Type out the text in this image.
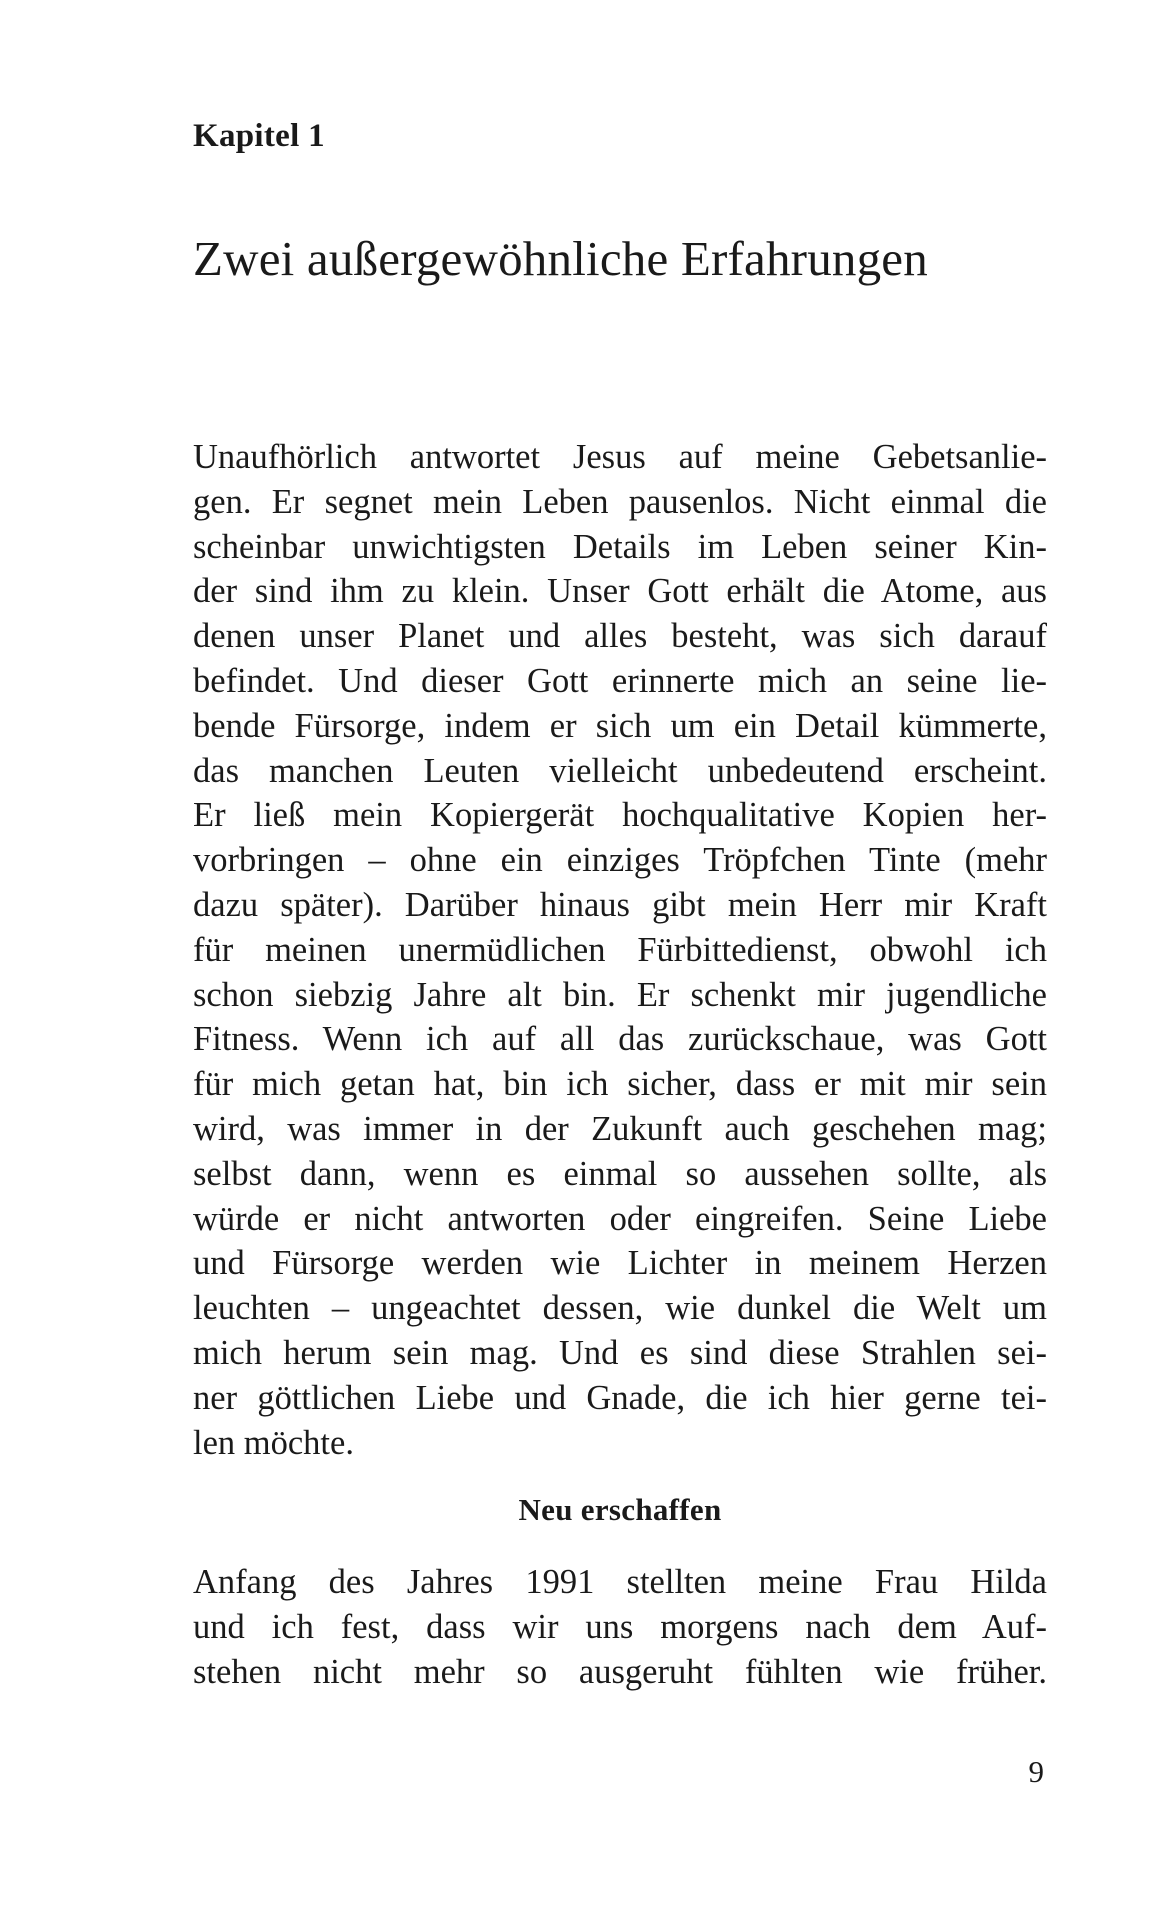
Kapitel 1
Zwei außergewöhnliche Erfahrungen
Unaufhörlich antwortet Jesus auf meine Gebetsanlie-
gen. Er segnet mein Leben pausenlos. Nicht einmal die
scheinbar unwichtigsten Details im Leben seiner Kin-
der sind ihm zu klein. Unser Gott erhält die Atome, aus
denen unser Planet und alles besteht, was sich darauf
befindet. Und dieser Gott erinnerte mich an seine lie-
bende Fürsorge, indem er sich um ein Detail kümmerte,
das manchen Leuten vielleicht unbedeutend erscheint.
Er ließ mein Kopiergerät hochqualitative Kopien her-
vorbringen – ohne ein einziges Tröpfchen Tinte (mehr
dazu später). Darüber hinaus gibt mein Herr mir Kraft
für meinen unermüdlichen Fürbittedienst, obwohl ich
schon siebzig Jahre alt bin. Er schenkt mir jugendliche
Fitness. Wenn ich auf all das zurückschaue, was Gott
für mich getan hat, bin ich sicher, dass er mit mir sein
wird, was immer in der Zukunft auch geschehen mag;
selbst dann, wenn es einmal so aussehen sollte, als
würde er nicht antworten oder eingreifen. Seine Liebe
und Fürsorge werden wie Lichter in meinem Herzen
leuchten – ungeachtet dessen, wie dunkel die Welt um
mich herum sein mag. Und es sind diese Strahlen sei-
ner göttlichen Liebe und Gnade, die ich hier gerne tei-
len möchte.
Neu erschaffen
Anfang des Jahres 1991 stellten meine Frau Hilda
und ich fest, dass wir uns morgens nach dem Auf-
stehen nicht mehr so ausgeruht fühlten wie früher.
9
